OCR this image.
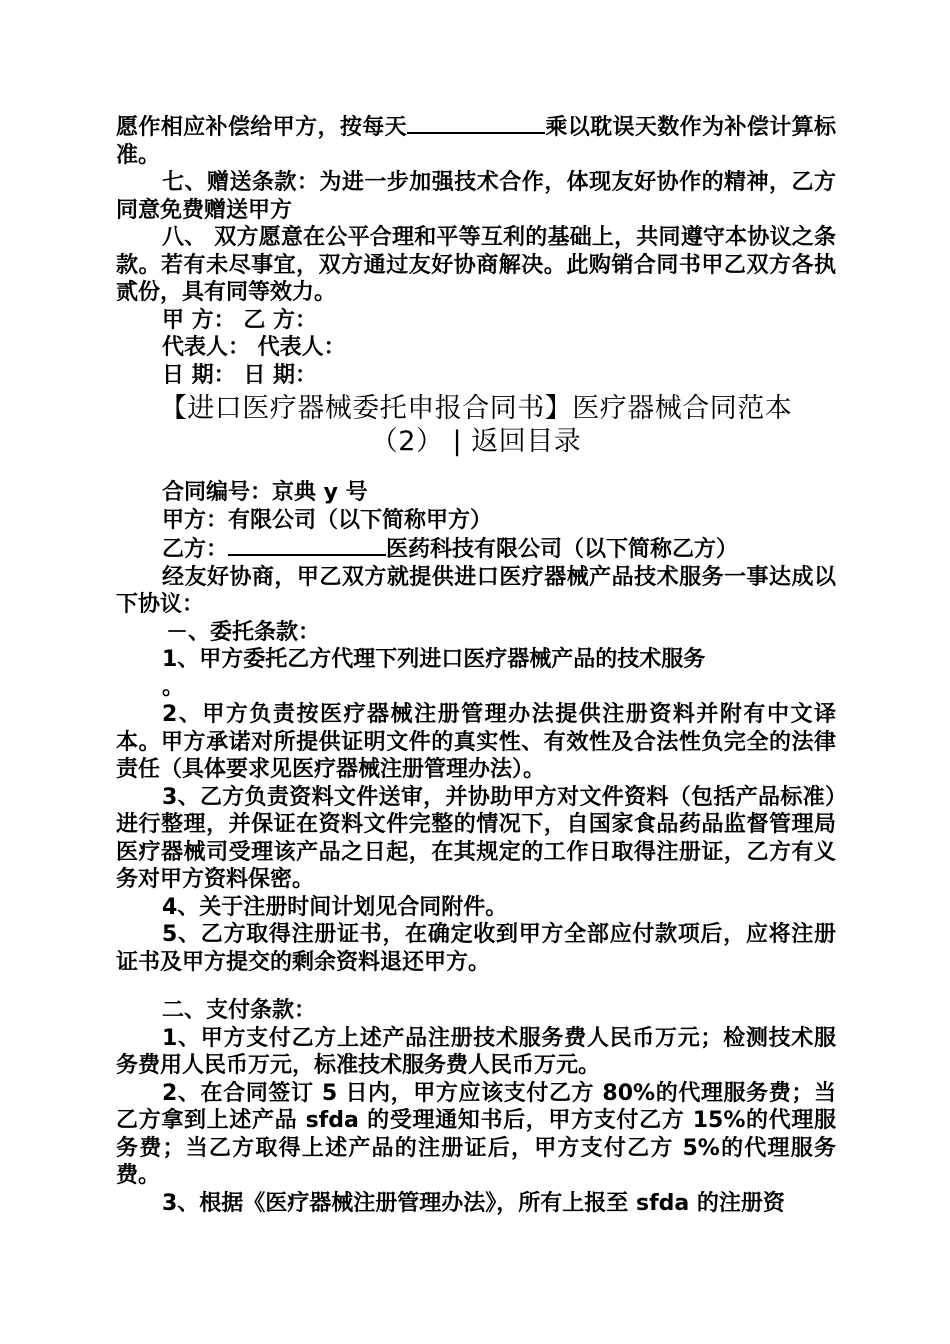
愿作相应补偿给甲方，按每天	乘以耽误天数作为补偿计算标准。

七、赠送条款：为进一步加强技术合作，体现友好协作的精神，乙方同意免费赠送甲方

八、 双方愿意在公平合理和平等互利的基础上，共同遵守本协议之条款。若有未尽事宜，双方通过友好协商解决。此购销合同书甲乙双方各执贰份，具有同等效力。

甲 方： 乙 方：

代表人： 代表人：

日 期： 日 期：

【进口医疗器械委托申报合同书】医疗器械合同范本
（2） | 返回目录

合同编号：京典 y 号

甲方：有限公司（以下简称甲方）

乙方：	医药科技有限公司（以下简称乙方）

经友好协商，甲乙双方就提供进口医疗器械产品技术服务一事达成以下协议：

－、委托条款：

1、甲方委托乙方代理下列进口医疗器械产品的技术服务

。

2、甲方负责按医疗器械注册管理办法提供注册资料并附有中文译本。甲方承诺对所提供证明文件的真实性、有效性及合法性负完全的法律责任（具体要求见医疗器械注册管理办法）。

3、乙方负责资料文件送审，并协助甲方对文件资料（包括产品标准）进行整理，并保证在资料文件完整的情况下，自国家食品药品监督管理局医疗器械司受理该产品之日起，在其规定的工作日取得注册证，乙方有义务对甲方资料保密。

4、关于注册时间计划见合同附件。

5、乙方取得注册证书，在确定收到甲方全部应付款项后，应将注册证书及甲方提交的剩余资料退还甲方。

二、支付条款：

1、甲方支付乙方上述产品注册技术服务费人民币万元；检测技术服务费用人民币万元，标准技术服务费人民币万元。

2、在合同签订 5 日内，甲方应该支付乙方 80%的代理服务费；当乙方拿到上述产品 sfda 的受理通知书后，甲方支付乙方 15%的代理服务费；当乙方取得上述产品的注册证后，甲方支付乙方 5%的代理服务费。

3、根据《医疗器械注册管理办法》，所有上报至 sfda 的注册资
